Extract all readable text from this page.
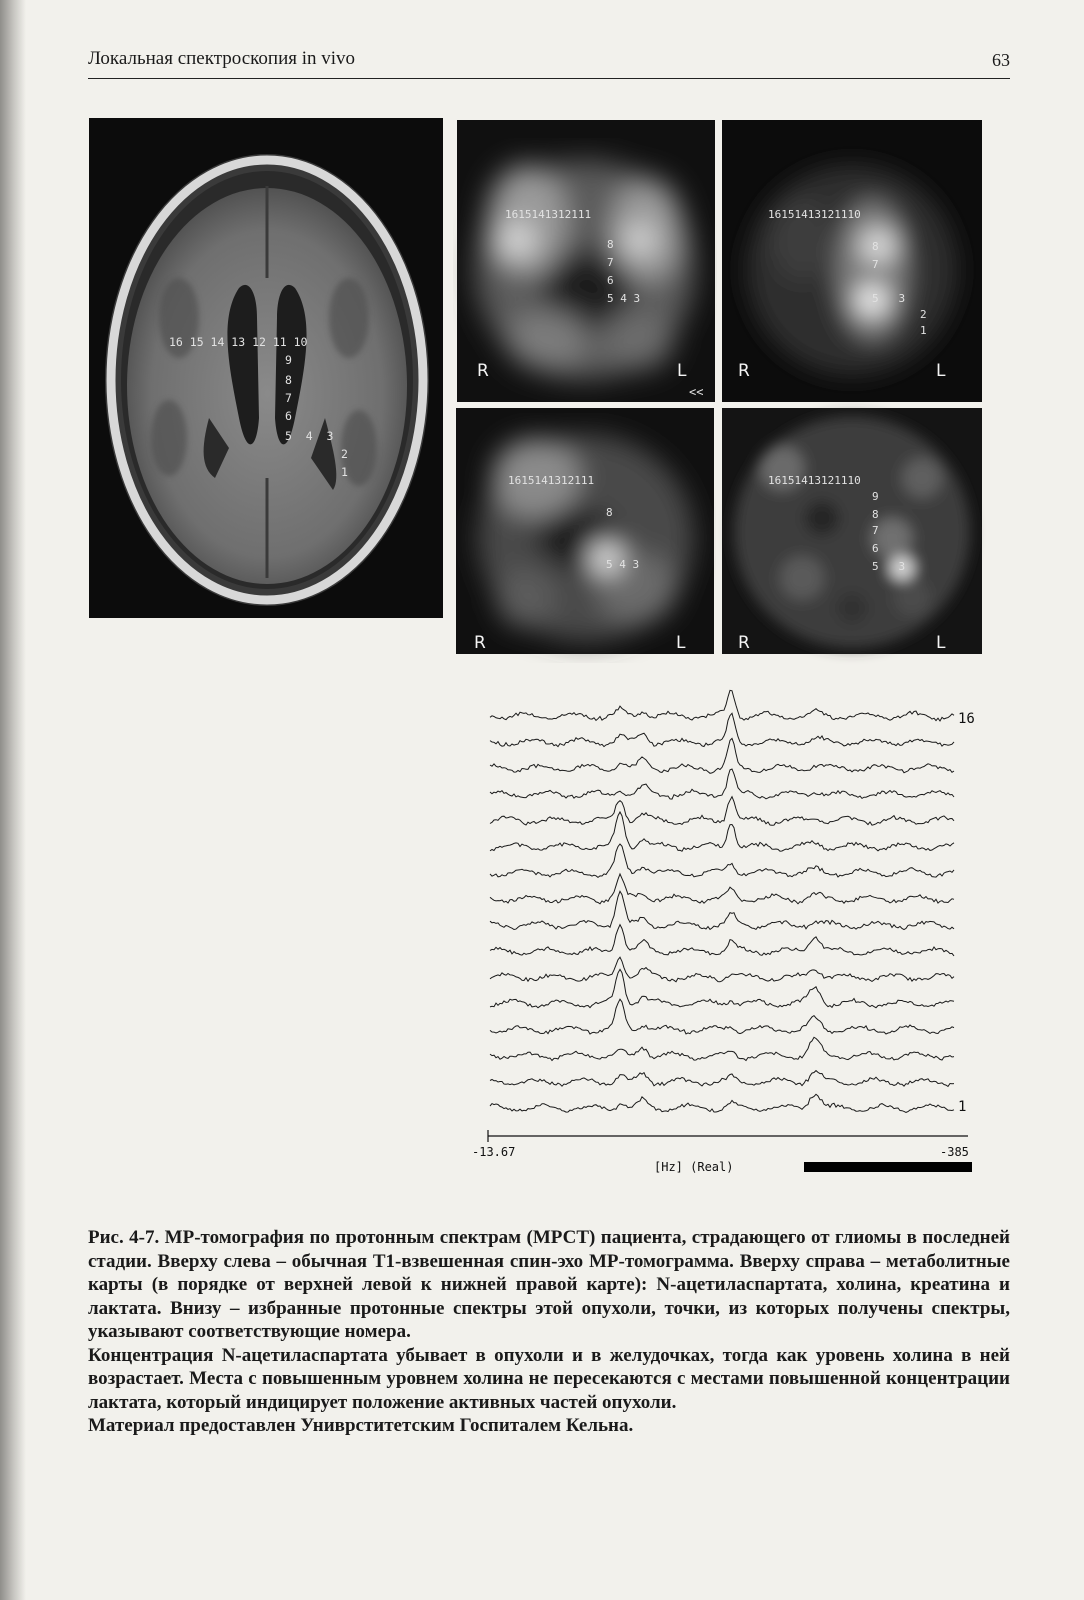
Локальная спектроскопия in vivo	63
16 15 14 13 12 11 10
9
8
7
6
5  4  3
2
1
1615141312111
8
7
6
5 4 3
R	L
<<
16151413121110
8
7
5   3
2
1
R	L
1615141312111
8
5 4 3
R	L
16151413121110
9
8
7
6
5   3
R	L
16
1
-13.67	-385
[Hz] (Real)

Рис. 4-7. МР-томография по протонным спектрам (МРСТ) пациента, страдающего от глиомы в последней стадии. Вверху слева – обычная Т1-взвешенная спин-эхо МР-томограмма. Вверху справа – метаболитные карты (в порядке от верхней левой к нижней правой карте): N-ацетиласпартата, холина, креатина и лактата. Внизу – избранные протонные спектры этой опухоли, точки, из которых получены спектры, указывают соответствующие номера.

Концентрация N-ацетиласпартата убывает в опухоли и в желудочках, тогда как уровень холина в ней возрастает. Места с повышенным уровнем холина не пересекаются с местами повышенной концентрации лактата, который индицирует положение активных частей опухоли.

Материал предоставлен Униврститетским Госпиталем Кельна.
